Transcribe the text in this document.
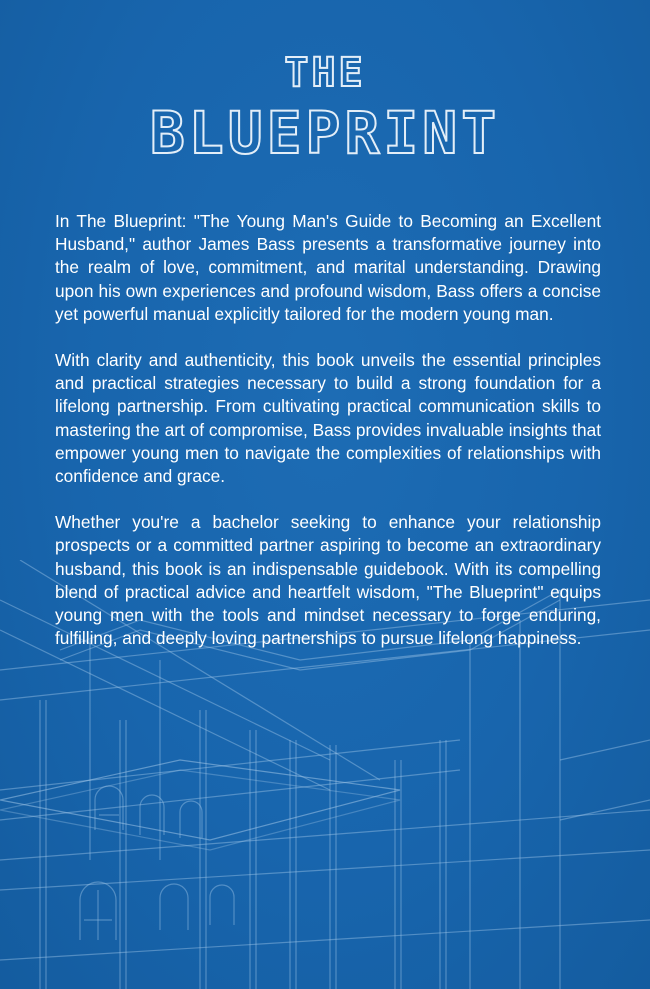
THE
BLUEPRINT

In The Blueprint: "The Young Man's Guide to Becoming an Excellent Husband," author James Bass presents a transformative journey into the realm of love, commitment, and marital understanding. Drawing upon his own experiences and profound wisdom, Bass offers a concise yet powerful manual explicitly tailored for the modern young man.

With clarity and authenticity, this book unveils the essential principles and practical strategies necessary to build a strong foundation for a lifelong partnership. From cultivating practical communication skills to mastering the art of compromise, Bass provides invaluable insights that empower young men to navigate the complexities of relationships with confidence and grace.

Whether you're a bachelor seeking to enhance your relationship prospects or a committed partner aspiring to become an extraordinary husband, this book is an indispensable guidebook. With its compelling blend of practical advice and heartfelt wisdom, "The Blueprint" equips young men with the tools and mindset necessary to forge enduring, fulfilling, and deeply loving partnerships to pursue lifelong happiness.
